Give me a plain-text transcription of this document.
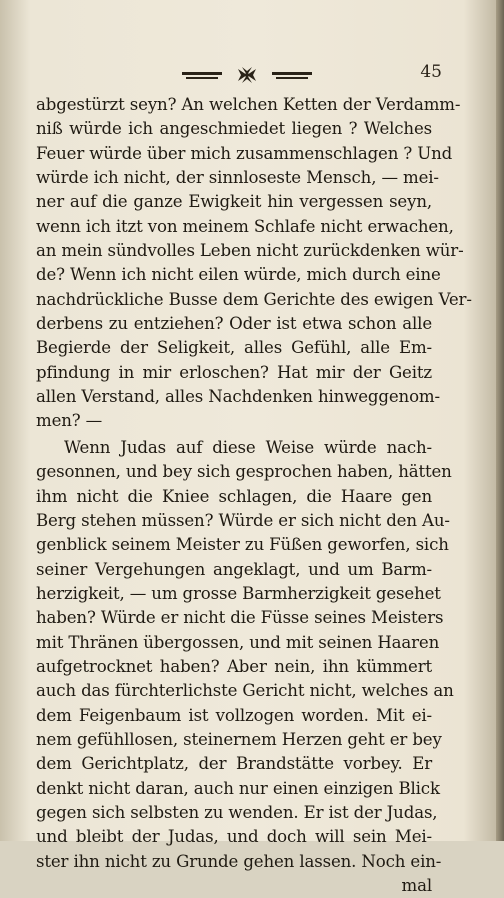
45
abgestürzt seyn? An welchen Ketten der Verdamm-
niß würde ich angeschmiedet liegen ? Welches
Feuer würde über mich zusammenschlagen ? Und
würde ich nicht, der sinnloseste Mensch, — mei-
ner auf die ganze Ewigkeit hin vergessen seyn,
wenn ich itzt von meinem Schlafe nicht erwachen,
an mein sündvolles Leben nicht zurückdenken wür-
de? Wenn ich nicht eilen würde, mich durch eine
nachdrückliche Busse dem Gerichte des ewigen Ver-
derbens zu entziehen? Oder ist etwa schon alle
Begierde der Seligkeit, alles Gefühl, alle Em-
pfindung in mir erloschen? Hat mir der Geitz
allen Verstand, alles Nachdenken hinweggenom-
men? —
Wenn Judas auf diese Weise würde nach-
gesonnen, und bey sich gesprochen haben, hätten
ihm nicht die Kniee schlagen, die Haare gen
Berg stehen müssen? Würde er sich nicht den Au-
genblick seinem Meister zu Füßen geworfen, sich
seiner Vergehungen angeklagt, und um Barm-
herzigkeit, — um grosse Barmherzigkeit gesehet
haben? Würde er nicht die Füsse seines Meisters
mit Thränen übergossen, und mit seinen Haaren
aufgetrocknet haben? Aber nein, ihn kümmert
auch das fürchterlichste Gericht nicht, welches an
dem Feigenbaum ist vollzogen worden. Mit ei-
nem gefühllosen, steinernem Herzen geht er bey
dem Gerichtplatz, der Brandstätte vorbey. Er
denkt nicht daran, auch nur einen einzigen Blick
gegen sich selbsten zu wenden. Er ist der Judas,
und bleibt der Judas, und doch will sein Mei-
ster ihn nicht zu Grunde gehen lassen. Noch ein-
mal
